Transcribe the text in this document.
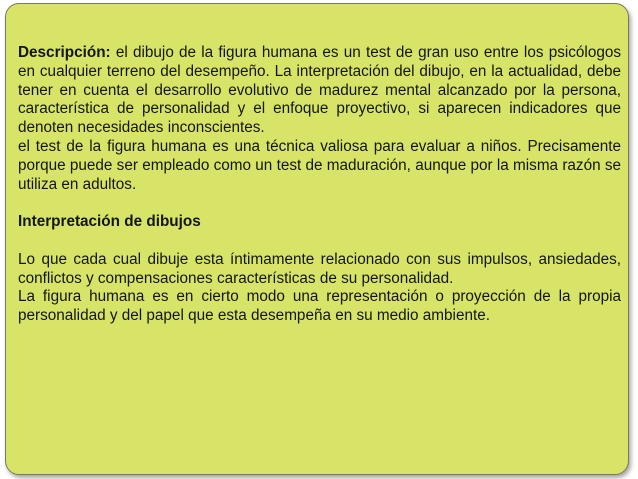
Descripción: el dibujo de la figura humana es un test de gran uso entre los psicólogos en cualquier terreno del desempeño. La interpretación del dibujo, en la actualidad, debe tener en cuenta el desarrollo evolutivo de madurez mental alcanzado por la persona, característica de personalidad y el enfoque proyectivo, si aparecen indicadores que denoten necesidades inconscientes.

el test de la figura humana es una técnica valiosa para evaluar a niños. Precisamente porque puede ser empleado como un test de maduración, aunque por la misma razón se utiliza en adultos.

Interpretación de dibujos

Lo que cada cual dibuje esta íntimamente relacionado con sus impulsos, ansiedades, conflictos y compensaciones características de su personalidad.

La figura humana es en cierto modo una representación o proyección de la propia personalidad y del papel que esta desempeña en su medio ambiente.
